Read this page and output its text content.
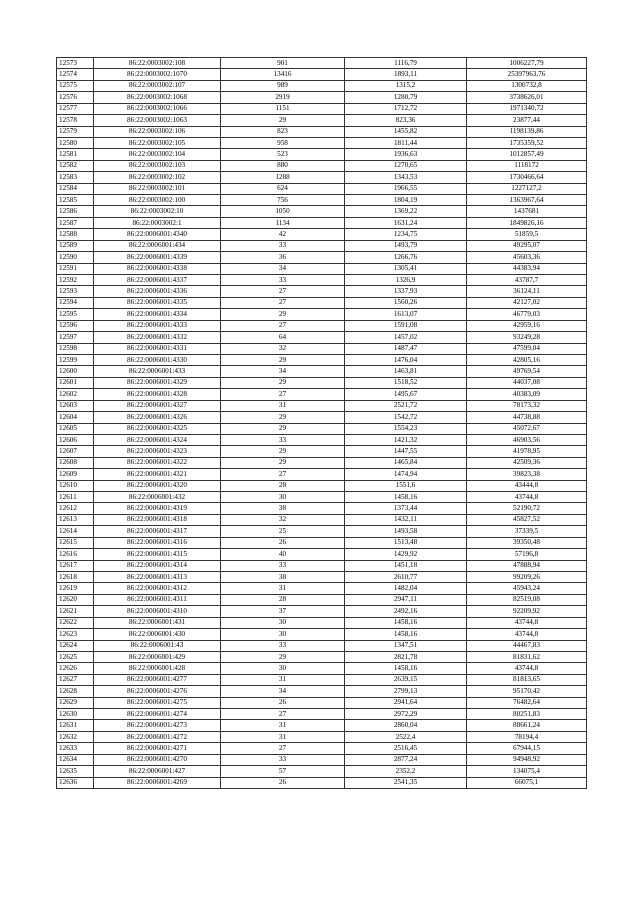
12573	86:22:0003002:108	901	1116,79	1006227,79
12574	86:22:0003002:1070	13416	1893,11	25397963,76
12575	86:22:0003002:107	989	1315,2	1300732,8
12576	86:22:0003002:1068	2919	1280,79	3738626,01
12577	86:22:0003002:1066	1151	1712,72	1971340,72
12578	86:22:0003002:1063	29	823,36	23877,44
12579	86:22:0003002:106	823	1455,82	1198139,86
12580	86:22:0003002:105	958	1811,44	1735359,52
12581	86:22:0003002:104	523	1936,63	1012857,49
12582	86:22:0003002:103	880	1270,65	1118172
12583	86:22:0003002:102	1288	1343,53	1730466,64
12584	86:22:0003002:101	624	1966,55	1227127,2
12585	86:22:0003002:100	756	1804,19	1363967,64
12586	86:22:0003002:10	1050	1369,22	1437681
12587	86:22:0003002:1	1134	1631,24	1849826,16
12588	86:22:0006001:4340	42	1234,75	51859,5
12589	86:22:0006001:434	33	1493,79	49295,07
12590	86:22:0006001:4339	36	1266,76	45603,36
12591	86:22:0006001:4338	34	1305,41	44383,94
12592	86:22:0006001:4337	33	1326,9	43787,7
12593	86:22:0006001:4336	27	1337,93	36124,11
12594	86:22:0006001:4335	27	1560,26	42127,02
12595	86:22:0006001:4334	29	1613,07	46779,03
12596	86:22:0006001:4333	27	1591,08	42959,16
12597	86:22:0006001:4332	64	1457,02	93249,28
12598	86:22:0006001:4331	32	1487,47	47599,04
12599	86:22:0006001:4330	29	1476,04	42805,16
12600	86:22:0006001:433	34	1463,81	49769,54
12601	86:22:0006001:4329	29	1518,52	44037,08
12602	86:22:0006001:4328	27	1495,67	40383,09
12603	86:22:0006001:4327	31	2521,72	78173,32
12604	86:22:0006001:4326	29	1542,72	44738,88
12605	86:22:0006001:4325	29	1554,23	45072,67
12606	86:22:0006001:4324	33	1421,32	46903,56
12607	86:22:0006001:4323	29	1447,55	41978,95
12608	86:22:0006001:4322	29	1465,84	42509,36
12609	86:22:0006001:4321	27	1474,94	39823,38
12610	86:22:0006001:4320	28	1551,6	43444,8
12611	86:22:0006001:432	30	1458,16	43744,8
12612	86:22:0006001:4319	38	1373,44	52190,72
12613	86:22:0006001:4318	32	1432,11	45827,52
12614	86:22:0006001:4317	25	1493,58	37339,5
12615	86:22:0006001:4316	26	1513,48	39350,48
12616	86:22:0006001:4315	40	1429,92	57196,8
12617	86:22:0006001:4314	33	1451,18	47888,94
12618	86:22:0006001:4313	38	2610,77	99209,26
12619	86:22:0006001:4312	31	1482,04	45943,24
12620	86:22:0006001:4311	28	2947,11	82519,08
12621	86:22:0006001:4310	37	2492,16	92209,92
12622	86:22:0006001:431	30	1458,16	43744,8
12623	86:22:0006001:430	30	1458,16	43744,8
12624	86:22:0006001:43	33	1347,51	44467,83
12625	86:22:0006001:429	29	2821,78	81831,62
12626	86:22:0006001:428	30	1458,16	43744,8
12627	86:22:0006001:4277	31	2639,15	81813,65
12628	86:22:0006001:4276	34	2799,13	95170,42
12629	86:22:0006001:4275	26	2941,64	76482,64
12630	86:22:0006001:4274	27	2972,29	80251,83
12631	86:22:0006001:4273	31	2860,04	88661,24
12632	86:22:0006001:4272	31	2522,4	78194,4
12633	86:22:0006001:4271	27	2516,45	67944,15
12634	86:22:0006001:4270	33	2877,24	94948,92
12635	86:22:0006001:427	57	2352,2	134075,4
12636	86:22:0006001:4269	26	2541,35	66075,1
